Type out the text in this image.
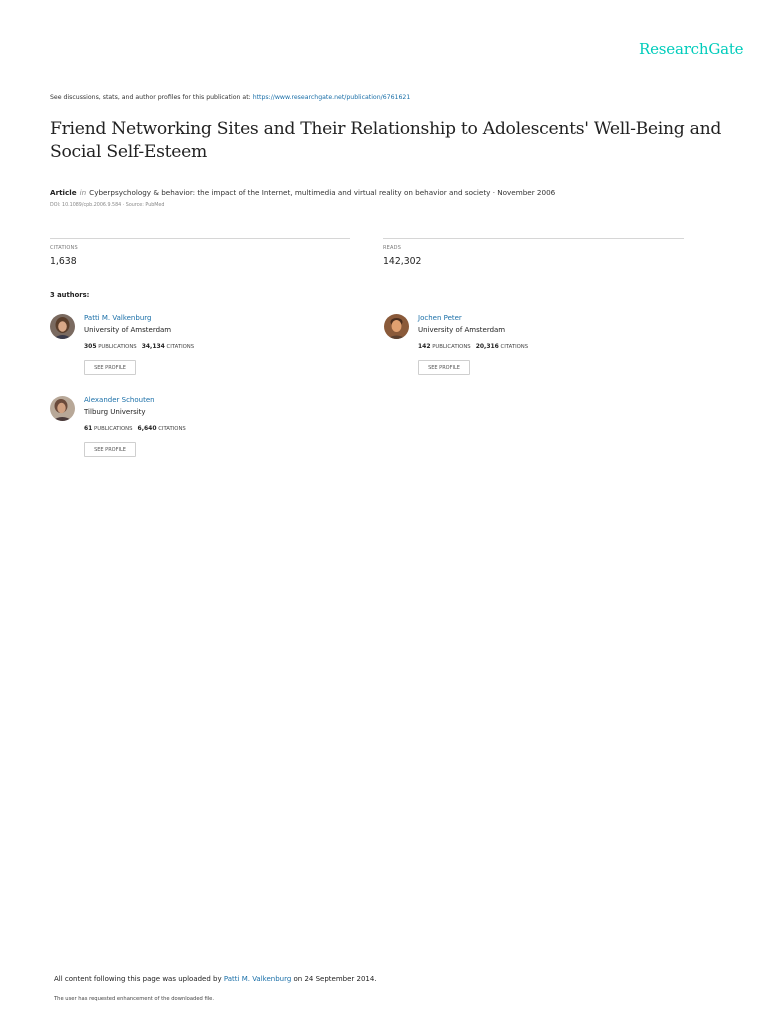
ResearchGate
See discussions, stats, and author profiles for this publication at: https://www.researchgate.net/publication/6761621
Friend Networking Sites and Their Relationship to Adolescents' Well-Being and Social Self-Esteem
Article in Cyberpsychology & behavior: the impact of the Internet, multimedia and virtual reality on behavior and society · November 2006
DOI: 10.1089/cpb.2006.9.584 · Source: PubMed
CITATIONS
1,638
READS
142,302
3 authors:
Patti M. Valkenburg
University of Amsterdam
305 PUBLICATIONS 34,134 CITATIONS
SEE PROFILE
Jochen Peter
University of Amsterdam
142 PUBLICATIONS 20,316 CITATIONS
SEE PROFILE
Alexander Schouten
Tilburg University
61 PUBLICATIONS 6,640 CITATIONS
SEE PROFILE
All content following this page was uploaded by Patti M. Valkenburg on 24 September 2014.
The user has requested enhancement of the downloaded file.
